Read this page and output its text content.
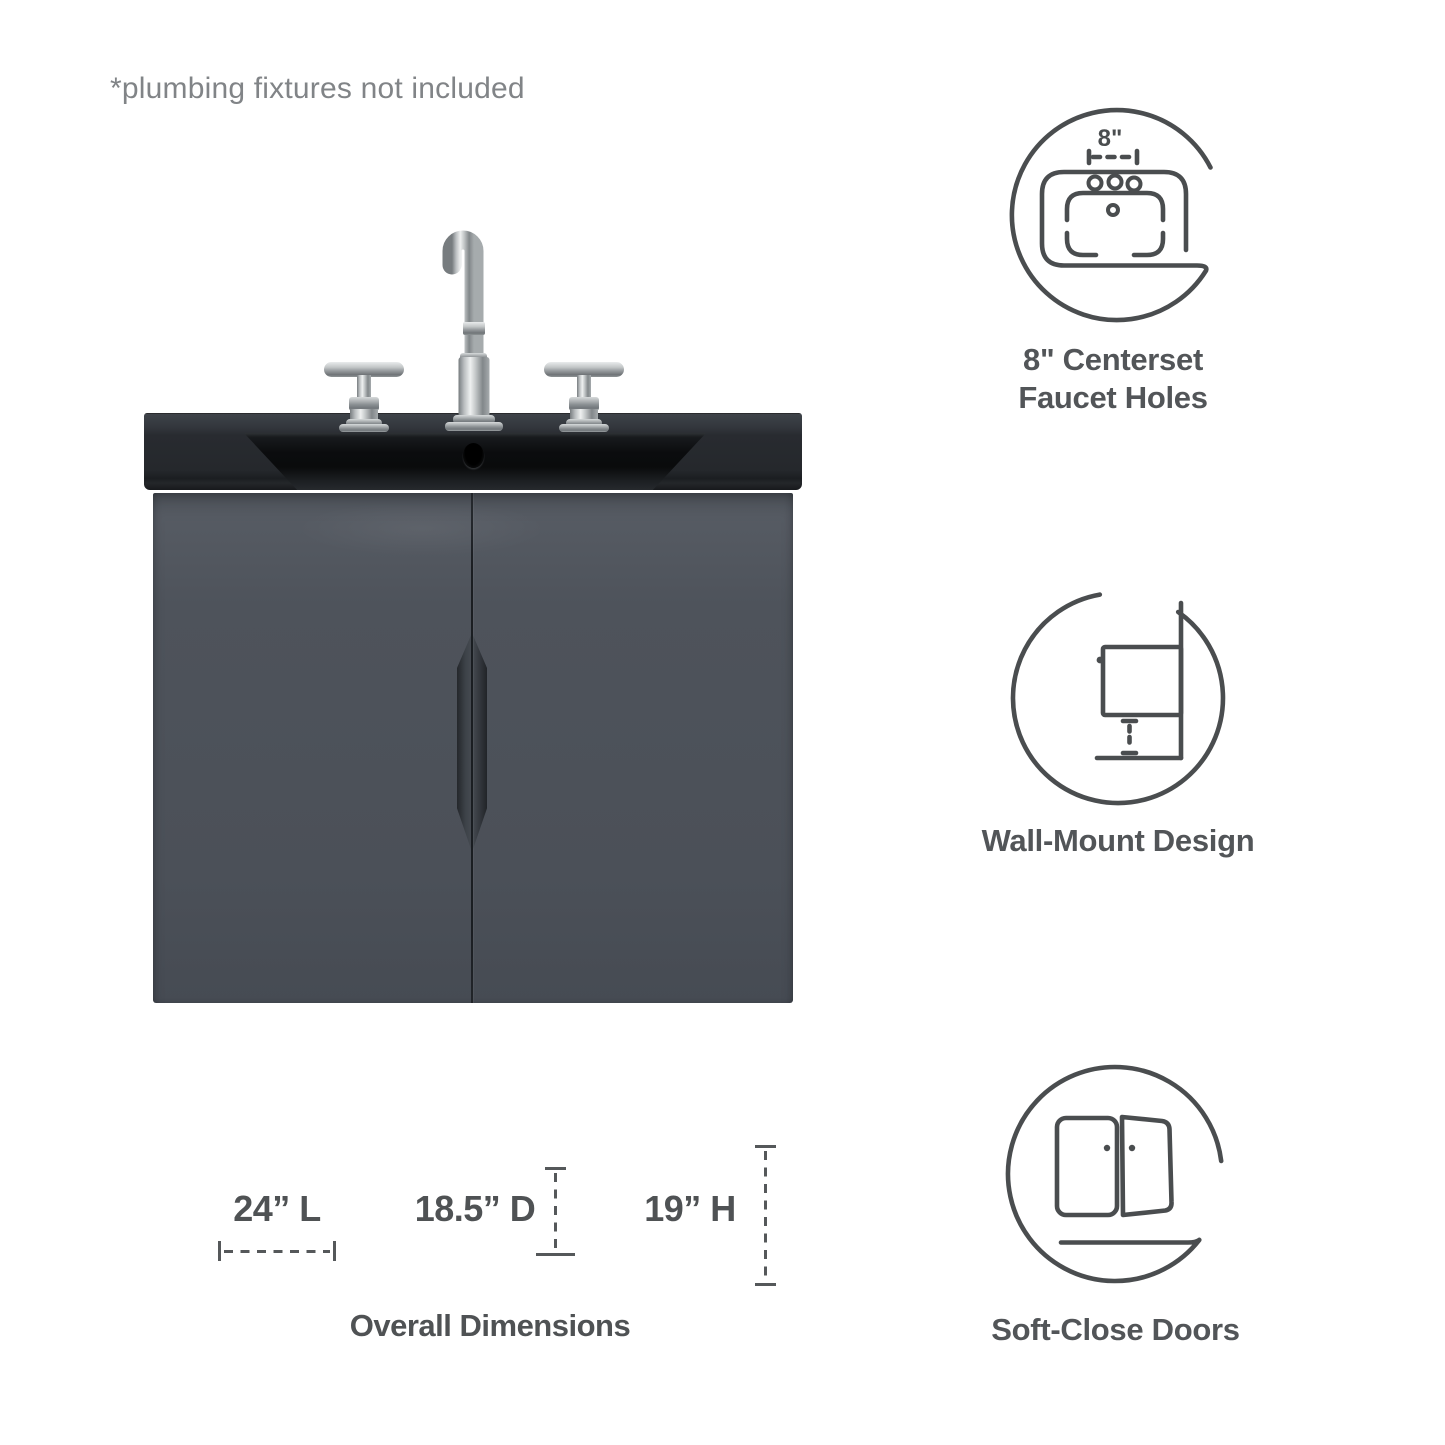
*plumbing fixtures not included
8"
8" Centerset
Faucet Holes
Wall-Mount Design
Soft-Close Doors
24” L	18.5” D	19” H
Overall Dimensions
